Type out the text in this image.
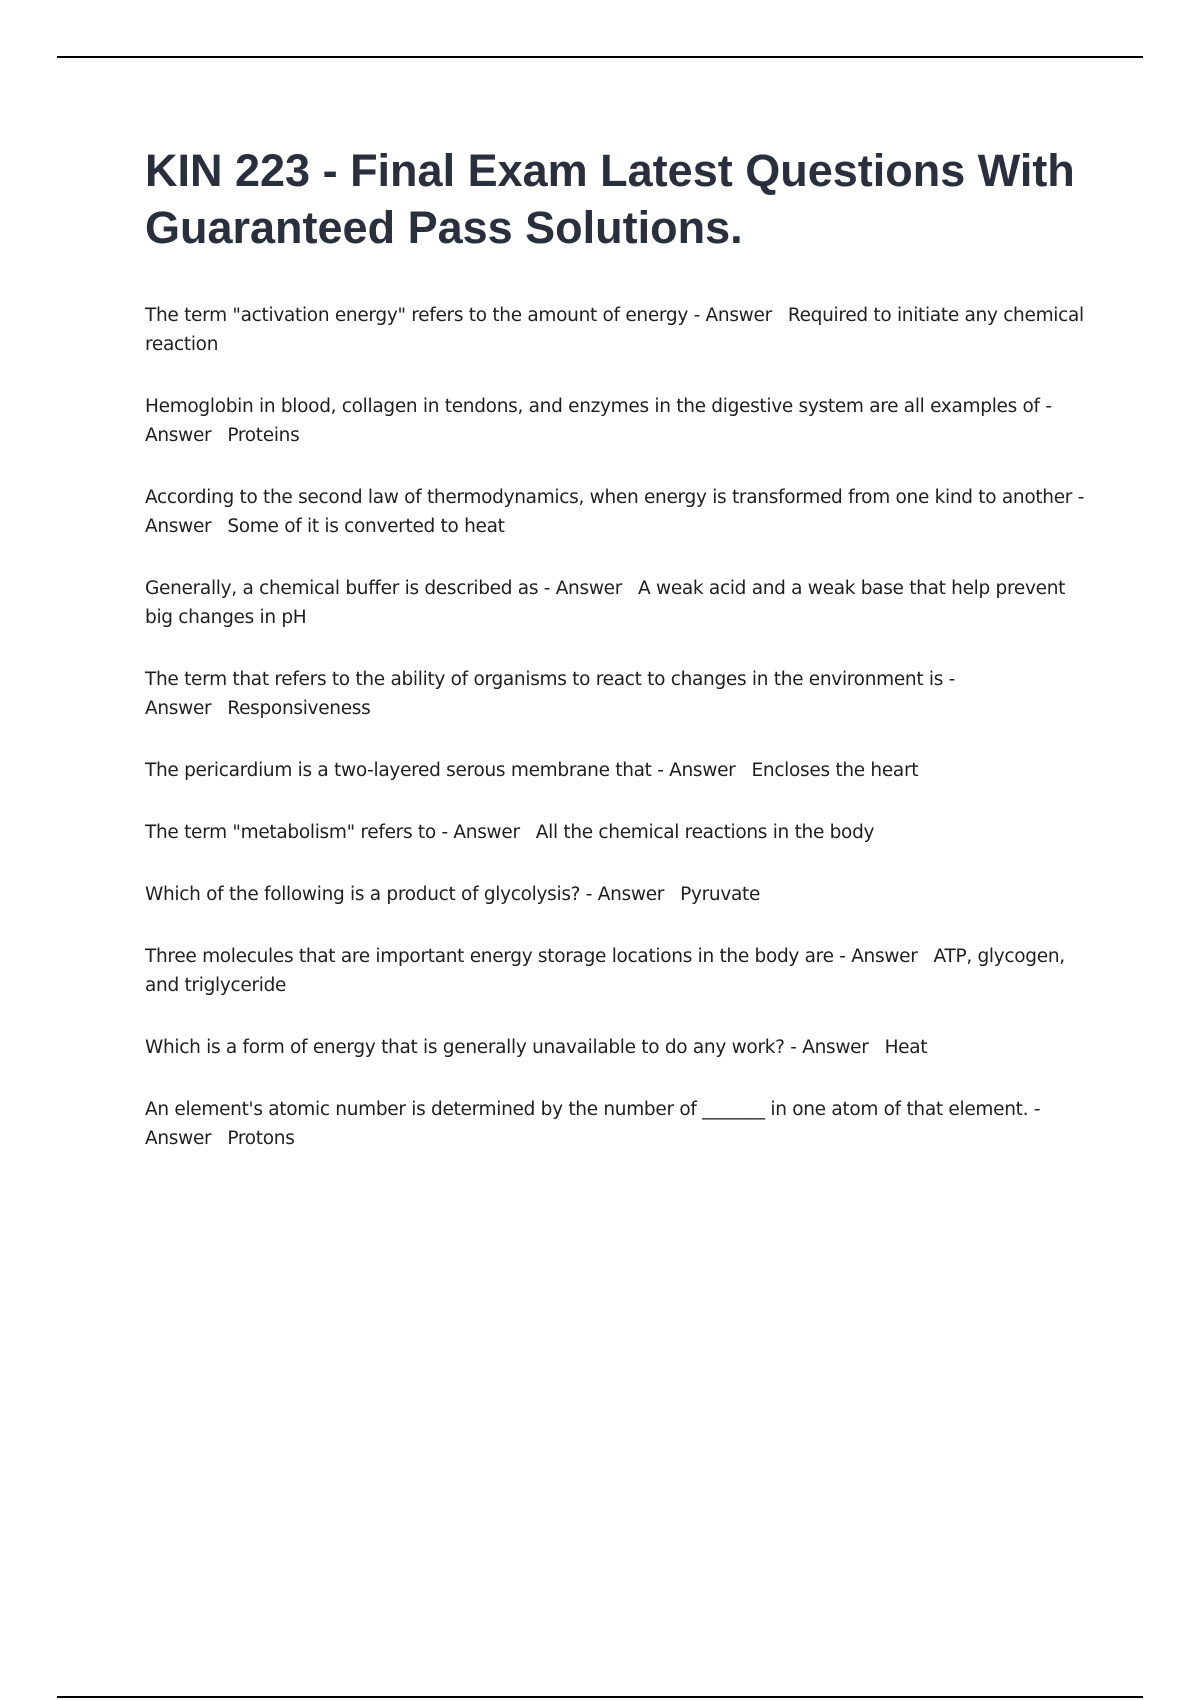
KIN 223 - Final Exam Latest Questions With Guaranteed Pass Solutions.
The term "activation energy" refers to the amount of energy - Answer Required to initiate any chemical reaction
Hemoglobin in blood, collagen in tendons, and enzymes in the digestive system are all examples of - Answer Proteins
According to the second law of thermodynamics, when energy is transformed from one kind to another - Answer Some of it is converted to heat
Generally, a chemical buffer is described as - Answer A weak acid and a weak base that help prevent big changes in pH
The term that refers to the ability of organisms to react to changes in the environment is - Answer Responsiveness
The pericardium is a two-layered serous membrane that - Answer Encloses the heart
The term "metabolism" refers to - Answer All the chemical reactions in the body
Which of the following is a product of glycolysis? - Answer Pyruvate
Three molecules that are important energy storage locations in the body are - Answer ATP, glycogen, and triglyceride
Which is a form of energy that is generally unavailable to do any work? - Answer Heat
An element's atomic number is determined by the number of _______ in one atom of that element. - Answer Protons
